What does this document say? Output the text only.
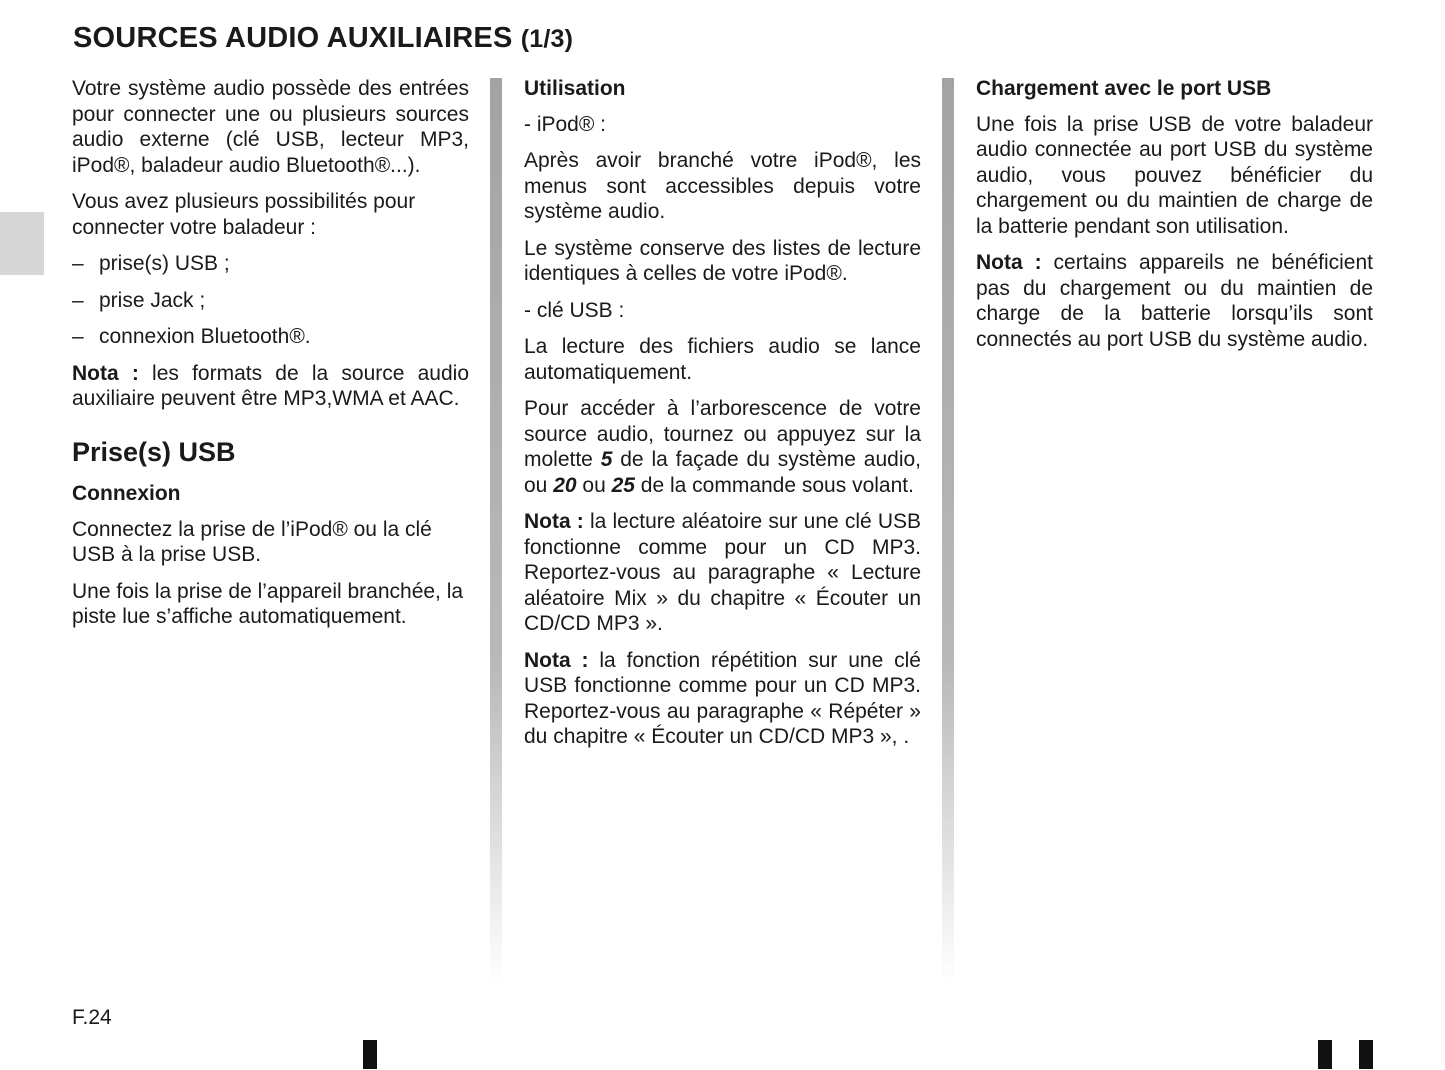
SOURCES AUDIO AUXILIAIRES (1/3)

Votre système audio possède des entrées pour connecter une ou plusieurs sources audio externe (clé USB, lecteur MP3, iPod®, baladeur audio Bluetooth®...).

Vous avez plusieurs possibilités pour connecter votre baladeur :

– prise(s) USB ;
– prise Jack ;
– connexion Bluetooth®.

Nota : les formats de la source audio auxiliaire peuvent être MP3,WMA et AAC.

Prise(s) USB
Connexion

Connectez la prise de l’iPod® ou la clé USB à la prise USB.

Une fois la prise de l’appareil branchée, la piste lue s’affiche automatiquement.

Utilisation

- iPod® :

Après avoir branché votre iPod®, les menus sont accessibles depuis votre système audio.

Le système conserve des listes de lecture identiques à celles de votre iPod®.

- clé USB :

La lecture des fichiers audio se lance automatiquement.

Pour accéder à l’arborescence de votre source audio, tournez ou appuyez sur la molette 5 de la façade du système audio, ou 20 ou 25 de la commande sous volant.

Nota : la lecture aléatoire sur une clé USB fonctionne comme pour un CD MP3. Reportez-vous au paragraphe « Lecture aléatoire Mix » du chapitre « Écouter un CD/CD MP3 ».

Nota : la fonction répétition sur une clé USB fonctionne comme pour un CD MP3. Reportez-vous au paragraphe « Répéter » du chapitre « Écouter un CD/CD MP3 », .

Chargement avec le port USB

Une fois la prise USB de votre baladeur audio connectée au port USB du système audio, vous pouvez bénéficier du chargement ou du maintien de charge de la batterie pendant son utilisation.

Nota : certains appareils ne bénéficient pas du chargement ou du maintien de charge de la batterie lorsqu’ils sont connectés au port USB du système audio.

F.24
